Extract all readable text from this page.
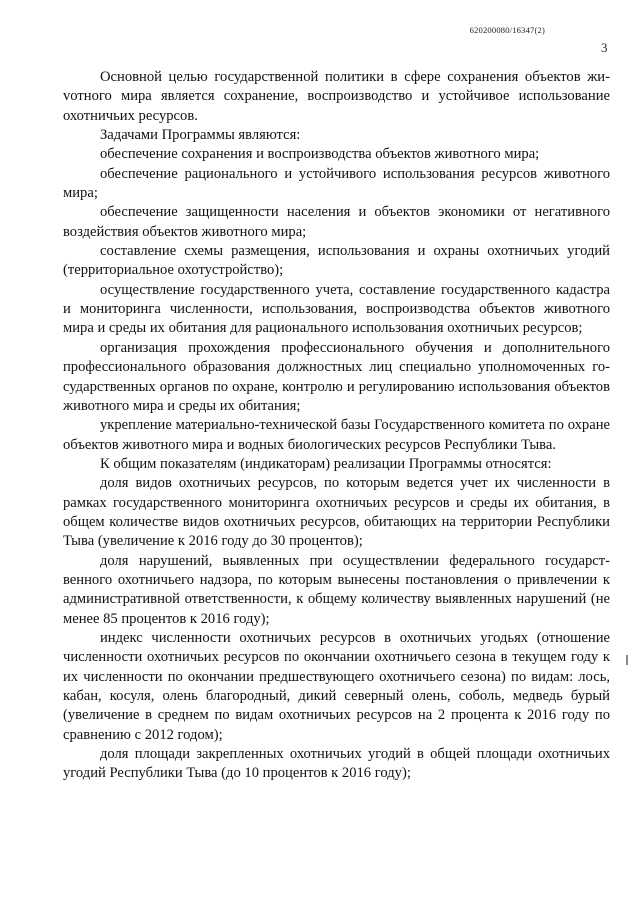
620200080/16347(2)
3

Основной целью государственной политики в сфере сохранения объектов жиvотного мира является сохранение, воспроизводство и устойчивое использование охотничьих ресурсов.

Задачами Программы являются:

обеспечение сохранения и воспроизводства объектов животного мира;

обеспечение рационального и устойчивого использования ресурсов животного мира;

обеспечение защищенности населения и объектов экономики от негативного воздействия объектов животного мира;

составление схемы размещения, использования и охраны охотничьих угодий (территориальное охотустройство);

осуществление государственного учета, составление государственного кадастра и мониторинга численности, использования, воспроизводства объектов животного мира и среды их обитания для рационального использования охотничьих ресурсов;

организация прохождения профессионального обучения и дополнительного профессионального образования должностных лиц специально уполномоченных государственных органов по охране, контролю и регулированию использования объектов животного мира и среды их обитания;

укрепление материально-технической базы Государственного комитета по охране объектов животного мира и водных биологических ресурсов Республики Тыва.

К общим показателям (индикаторам) реализации Программы относятся:

доля видов охотничьих ресурсов, по которым ведется учет их численности в рамках государственного мониторинга охотничьих ресурсов и среды их обитания, в общем количестве видов охотничьих ресурсов, обитающих на территории Республики Тыва (увеличение к 2016 году до 30 процентов);

доля нарушений, выявленных при осуществлении федерального государственного охотничьего надзора, по которым вынесены постановления о привлечении к административной ответственности, к общему количеству выявленных нарушений (не менее 85 процентов к 2016 году);

индекс численности охотничьих ресурсов в охотничьих угодьях (отношение численности охотничьих ресурсов по окончании охотничьего сезона в текущем году к их численности по окончании предшествующего охотничьего сезона) по видам: лось, кабан, косуля, олень благородный, дикий северный олень, соболь, медведь бурый (увеличение в среднем по видам охотничьих ресурсов на 2 процента к 2016 году по сравнению с 2012 годом);

доля площади закрепленных охотничьих угодий в общей площади охотничьих угодий Республики Тыва (до 10 процентов к 2016 году);
